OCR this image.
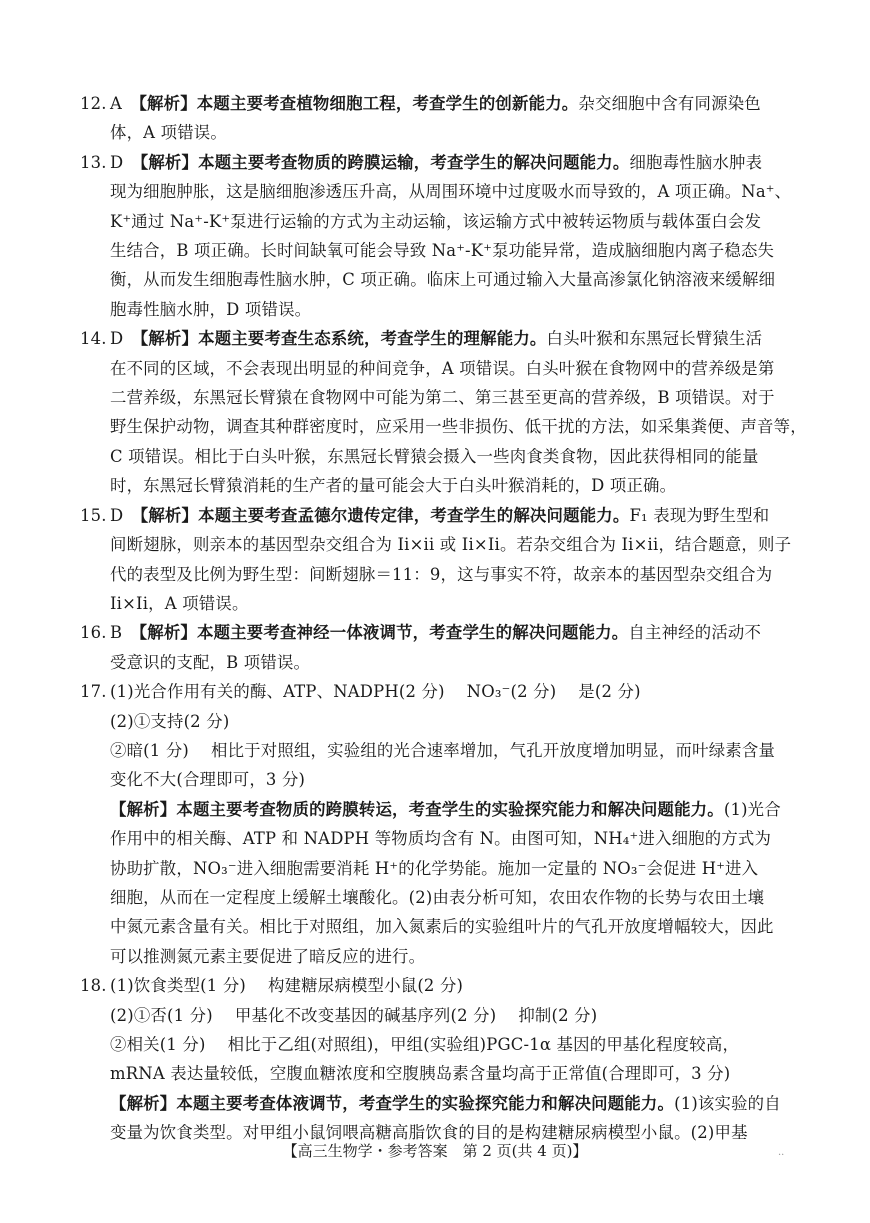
12. A　【解析】本题主要考查植物细胞工程，考查学生的创新能力。杂交细胞中含有同源染色
体，A 项错误。
13. D　【解析】本题主要考查物质的跨膜运输，考查学生的解决问题能力。细胞毒性脑水肿表
现为细胞肿胀，这是脑细胞渗透压升高，从周围环境中过度吸水而导致的，A 项正确。Na⁺、
K⁺通过 Na⁺-K⁺泵进行运输的方式为主动运输，该运输方式中被转运物质与载体蛋白会发
生结合，B 项正确。长时间缺氧可能会导致 Na⁺-K⁺泵功能异常，造成脑细胞内离子稳态失
衡，从而发生细胞毒性脑水肿，C 项正确。临床上可通过输入大量高渗氯化钠溶液来缓解细
胞毒性脑水肿，D 项错误。
14. D　【解析】本题主要考查生态系统，考查学生的理解能力。白头叶猴和东黑冠长臂猿生活
在不同的区域，不会表现出明显的种间竞争，A 项错误。白头叶猴在食物网中的营养级是第
二营养级，东黑冠长臂猿在食物网中可能为第二、第三甚至更高的营养级，B 项错误。对于
野生保护动物，调查其种群密度时，应采用一些非损伤、低干扰的方法，如采集粪便、声音等，
C 项错误。相比于白头叶猴，东黑冠长臂猿会摄入一些肉食类食物，因此获得相同的能量
时，东黑冠长臂猿消耗的生产者的量可能会大于白头叶猴消耗的，D 项正确。
15. D　【解析】本题主要考查孟德尔遗传定律，考查学生的解决问题能力。F₁ 表现为野生型和
间断翅脉，则亲本的基因型杂交组合为 Ii×ii 或 Ii×Ii。若杂交组合为 Ii×ii，结合题意，则子
代的表型及比例为野生型：间断翅脉＝11：9，这与事实不符，故亲本的基因型杂交组合为
Ii×Ii，A 项错误。
16. B　【解析】本题主要考查神经一体液调节，考查学生的解决问题能力。自主神经的活动不
受意识的支配，B 项错误。
17. (1)光合作用有关的酶、ATP、NADPH(2 分)　 NO₃⁻(2 分)　 是(2 分)
(2)①支持(2 分)
②暗(1 分)　 相比于对照组，实验组的光合速率增加，气孔开放度增加明显，而叶绿素含量
变化不大(合理即可，3 分)
【解析】本题主要考查物质的跨膜转运，考查学生的实验探究能力和解决问题能力。(1)光合
作用中的相关酶、ATP 和 NADPH 等物质均含有 N。由图可知，NH₄⁺进入细胞的方式为
协助扩散，NO₃⁻进入细胞需要消耗 H⁺的化学势能。施加一定量的 NO₃⁻会促进 H⁺进入
细胞，从而在一定程度上缓解土壤酸化。(2)由表分析可知，农田农作物的长势与农田土壤
中氮元素含量有关。相比于对照组，加入氮素后的实验组叶片的气孔开放度增幅较大，因此
可以推测氮元素主要促进了暗反应的进行。
18. (1)饮食类型(1 分)　 构建糖尿病模型小鼠(2 分)
(2)①否(1 分)　 甲基化不改变基因的碱基序列(2 分)　 抑制(2 分)
②相关(1 分)　 相比于乙组(对照组)，甲组(实验组)PGC-1α 基因的甲基化程度较高，
mRNA 表达量较低，空腹血糖浓度和空腹胰岛素含量均高于正常值(合理即可，3 分)
【解析】本题主要考查体液调节，考查学生的实验探究能力和解决问题能力。(1)该实验的自
变量为饮食类型。对甲组小鼠饲喂高糖高脂饮食的目的是构建糖尿病模型小鼠。(2)甲基
【高三生物学・参考答案　第 2 页(共 4 页)】	··
